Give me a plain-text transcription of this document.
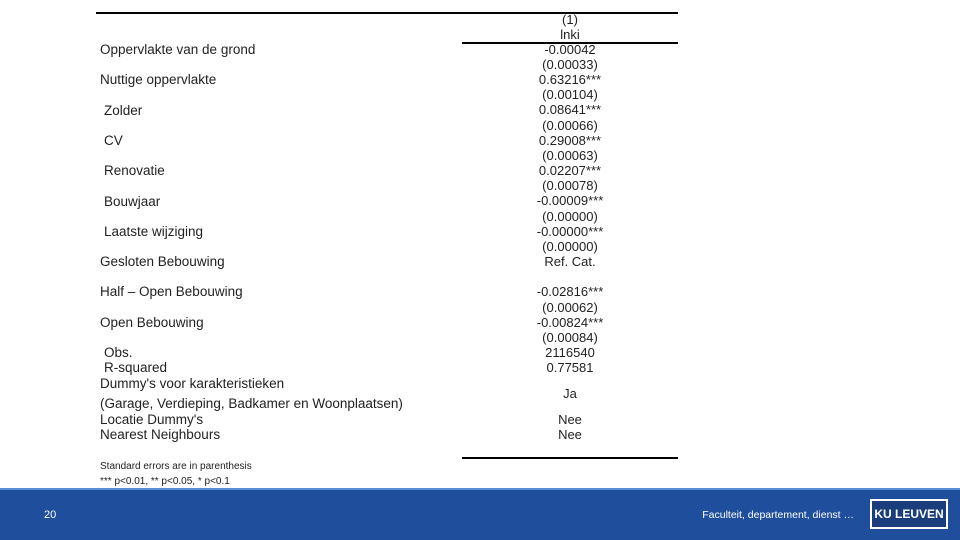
(1)
lnki
Oppervlakte van de grond
Nuttige oppervlakte
Zolder
CV
Renovatie
Bouwjaar
Laatste wijziging
Gesloten Bebouwing
Half – Open Bebouwing
Open Bebouwing
Obs.
R-squared
Dummy's voor karakteristieken
(Garage, Verdieping, Badkamer en Woonplaatsen)
Locatie Dummy's
Nearest Neighbours
-0.00042
(0.00033)
0.63216***
(0.00104)
0.08641***
(0.00066)
0.29008***
(0.00063)
0.02207***
(0.00078)
-0.00009***
(0.00000)
-0.00000***
(0.00000)
Ref. Cat.
-0.02816***
(0.00062)
-0.00824***
(0.00084)
2116540
0.77581
Ja
Nee
Nee
Standard errors are in parenthesis
*** p<0.01, ** p<0.05, * p<0.1
20	Faculteit, departement, dienst …	KU LEUVEN
